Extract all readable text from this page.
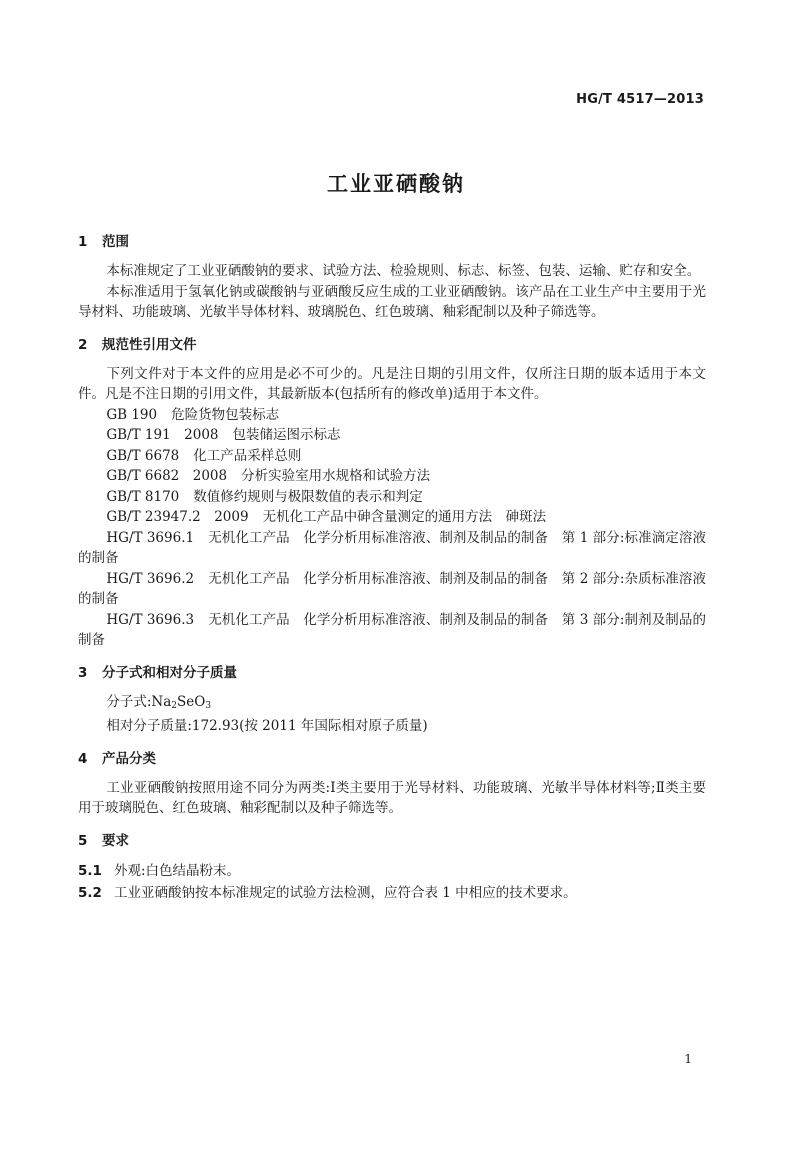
HG/T 4517—2013
工业亚硒酸钠
1 范围

本标准规定了工业亚硒酸钠的要求、试验方法、检验规则、标志、标签、包装、运输、贮存和安全。

本标准适用于氢氧化钠或碳酸钠与亚硒酸反应生成的工业亚硒酸钠。该产品在工业生产中主要用于光导材料、功能玻璃、光敏半导体材料、玻璃脱色、红色玻璃、釉彩配制以及种子筛选等。

2 规范性引用文件

下列文件对于本文件的应用是必不可少的。凡是注日期的引用文件，仅所注日期的版本适用于本文件。凡是不注日期的引用文件，其最新版本(包括所有的修改单)适用于本文件。

GB 190 危险货物包装标志

GB/T 191　2008 包装储运图示标志

GB/T 6678 化工产品采样总则

GB/T 6682　2008 分析实验室用水规格和试验方法

GB/T 8170 数值修约规则与极限数值的表示和判定

GB/T 23947.2　2009 无机化工产品中砷含量测定的通用方法　砷斑法

HG/T 3696.1 无机化工产品　化学分析用标准溶液、制剂及制品的制备　第 1 部分:标准滴定溶液的制备

HG/T 3696.2 无机化工产品　化学分析用标准溶液、制剂及制品的制备　第 2 部分:杂质标准溶液的制备

HG/T 3696.3 无机化工产品　化学分析用标准溶液、制剂及制品的制备　第 3 部分:制剂及制品的制备

3 分子式和相对分子质量

分子式$:Na_2SeO_3$

相对分子质量:172.93(按 2011 年国际相对原子质量)

4 产品分类

工业亚硒酸钠按照用途不同分为两类:Ⅰ类主要用于光导材料、功能玻璃、光敏半导体材料等;Ⅱ类主要用于玻璃脱色、红色玻璃、釉彩配制以及种子筛选等。

5 要求
5.1 外观:白色结晶粉末。
5.2 工业亚硒酸钠按本标准规定的试验方法检测，应符合表 1 中相应的技术要求。
1
